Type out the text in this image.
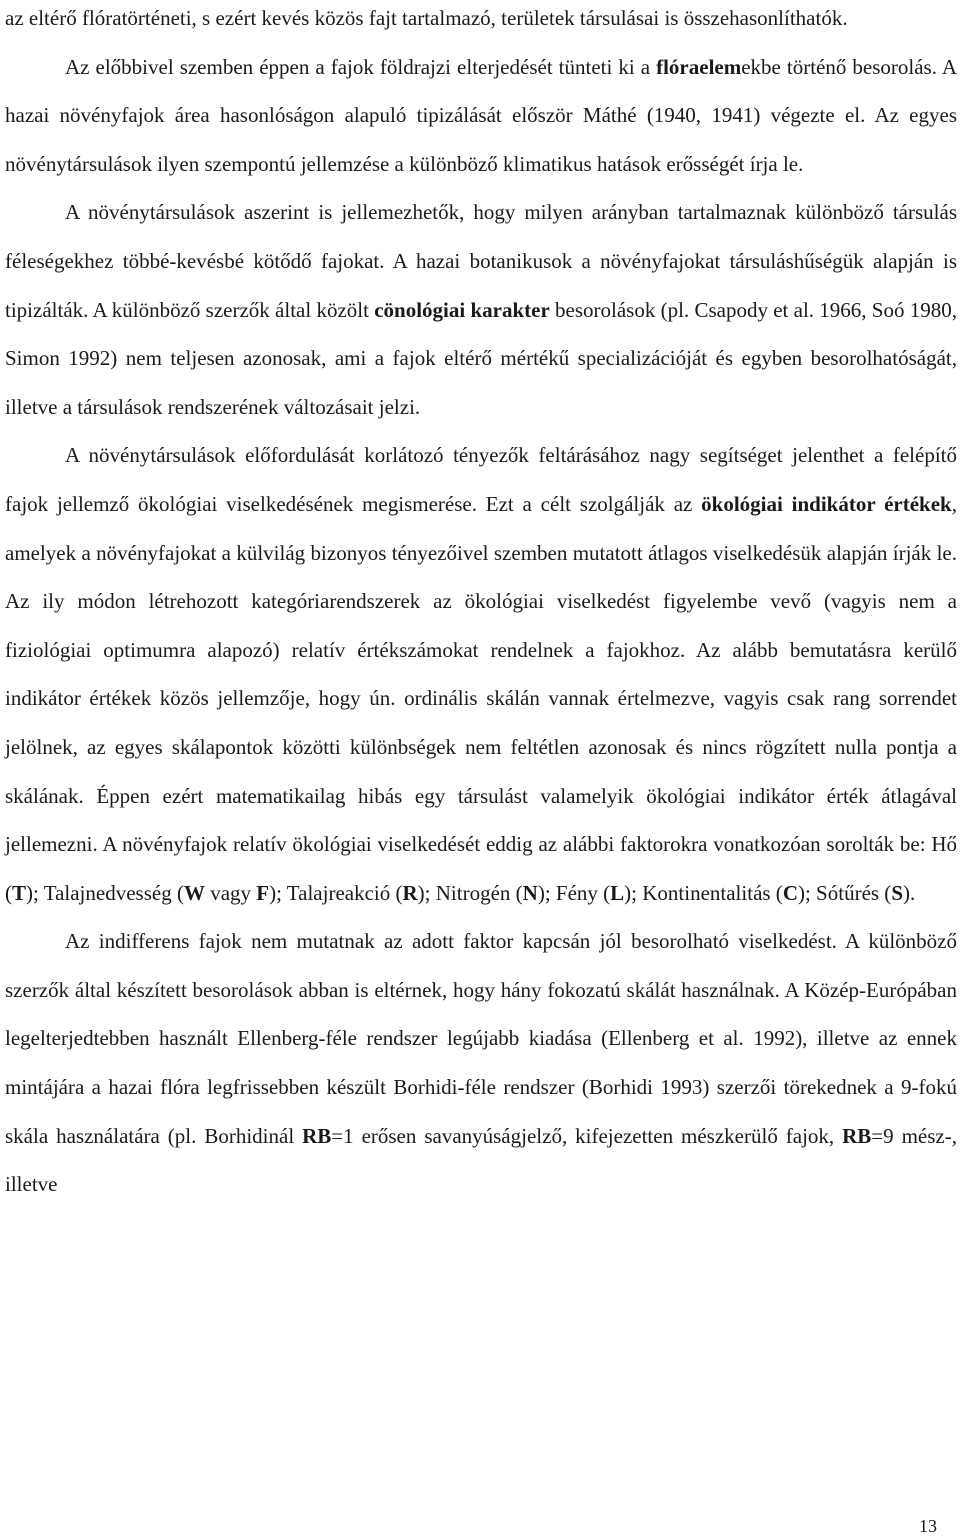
az eltérő flóratörténeti, s ezért kevés közös fajt tartalmazó, területek társulásai is összehasonlíthatók.

Az előbbivel szemben éppen a fajok földrajzi elterjedését tünteti ki a flóraelemekbe történő besorolás. A hazai növényfajok área hasonlóságon alapuló tipizálását először Máthé (1940, 1941) végezte el. Az egyes növénytársulások ilyen szempontú jellemzése a különböző klimatikus hatások erősségét írja le.

A növénytársulások aszerint is jellemezhetők, hogy milyen arányban tartalmaznak különböző társulás féleségekhez többé-kevésbé kötődő fajokat. A hazai botanikusok a növényfajokat társuláshűségük alapján is tipizálták. A különböző szerzők által közölt cönológiai karakter besorolások (pl. Csapody et al. 1966, Soó 1980, Simon 1992) nem teljesen azonosak, ami a fajok eltérő mértékű specializációját és egyben besorolhatóságát, illetve a társulások rendszerének változásait jelzi.

A növénytársulások előfordulását korlátozó tényezők feltárásához nagy segítséget jelenthet a felépítő fajok jellemző ökológiai viselkedésének megismerése. Ezt a célt szolgálják az ökológiai indikátor értékek, amelyek a növényfajokat a külvilág bizonyos tényezőivel szemben mutatott átlagos viselkedésük alapján írják le. Az ily módon létrehozott kategóriarendszerek az ökológiai viselkedést figyelembe vevő (vagyis nem a fiziológiai optimumra alapozó) relatív értékszámokat rendelnek a fajokhoz. Az alább bemutatásra kerülő indikátor értékek közös jellemzője, hogy ún. ordinális skálán vannak értelmezve, vagyis csak rang sorrendet jelölnek, az egyes skálapontok közötti különbségek nem feltétlen azonosak és nincs rögzített nulla pontja a skálának. Éppen ezért matematikailag hibás egy társulást valamelyik ökológiai indikátor érték átlagával jellemezni. A növényfajok relatív ökológiai viselkedését eddig az alábbi faktorokra vonatkozóan sorolták be: Hő (T); Talajnedvesség (W vagy F); Talajreakció (R); Nitrogén (N); Fény (L); Kontinentalitás (C); Sótűrés (S).

Az indifferens fajok nem mutatnak az adott faktor kapcsán jól besorolható viselkedést. A különböző szerzők által készített besorolások abban is eltérnek, hogy hány fokozatú skálát használnak. A Közép-Európában legelterjedtebben használt Ellenberg-féle rendszer legújabb kiadása (Ellenberg et al. 1992), illetve az ennek mintájára a hazai flóra legfrissebben készült Borhidi-féle rendszer (Borhidi 1993) szerzői törekednek a 9-fokú skála használatára (pl. Borhidinál RB=1 erősen savanyúságjelző, kifejezetten mészkerülő fajok, RB=9 mész-, illetve

13
